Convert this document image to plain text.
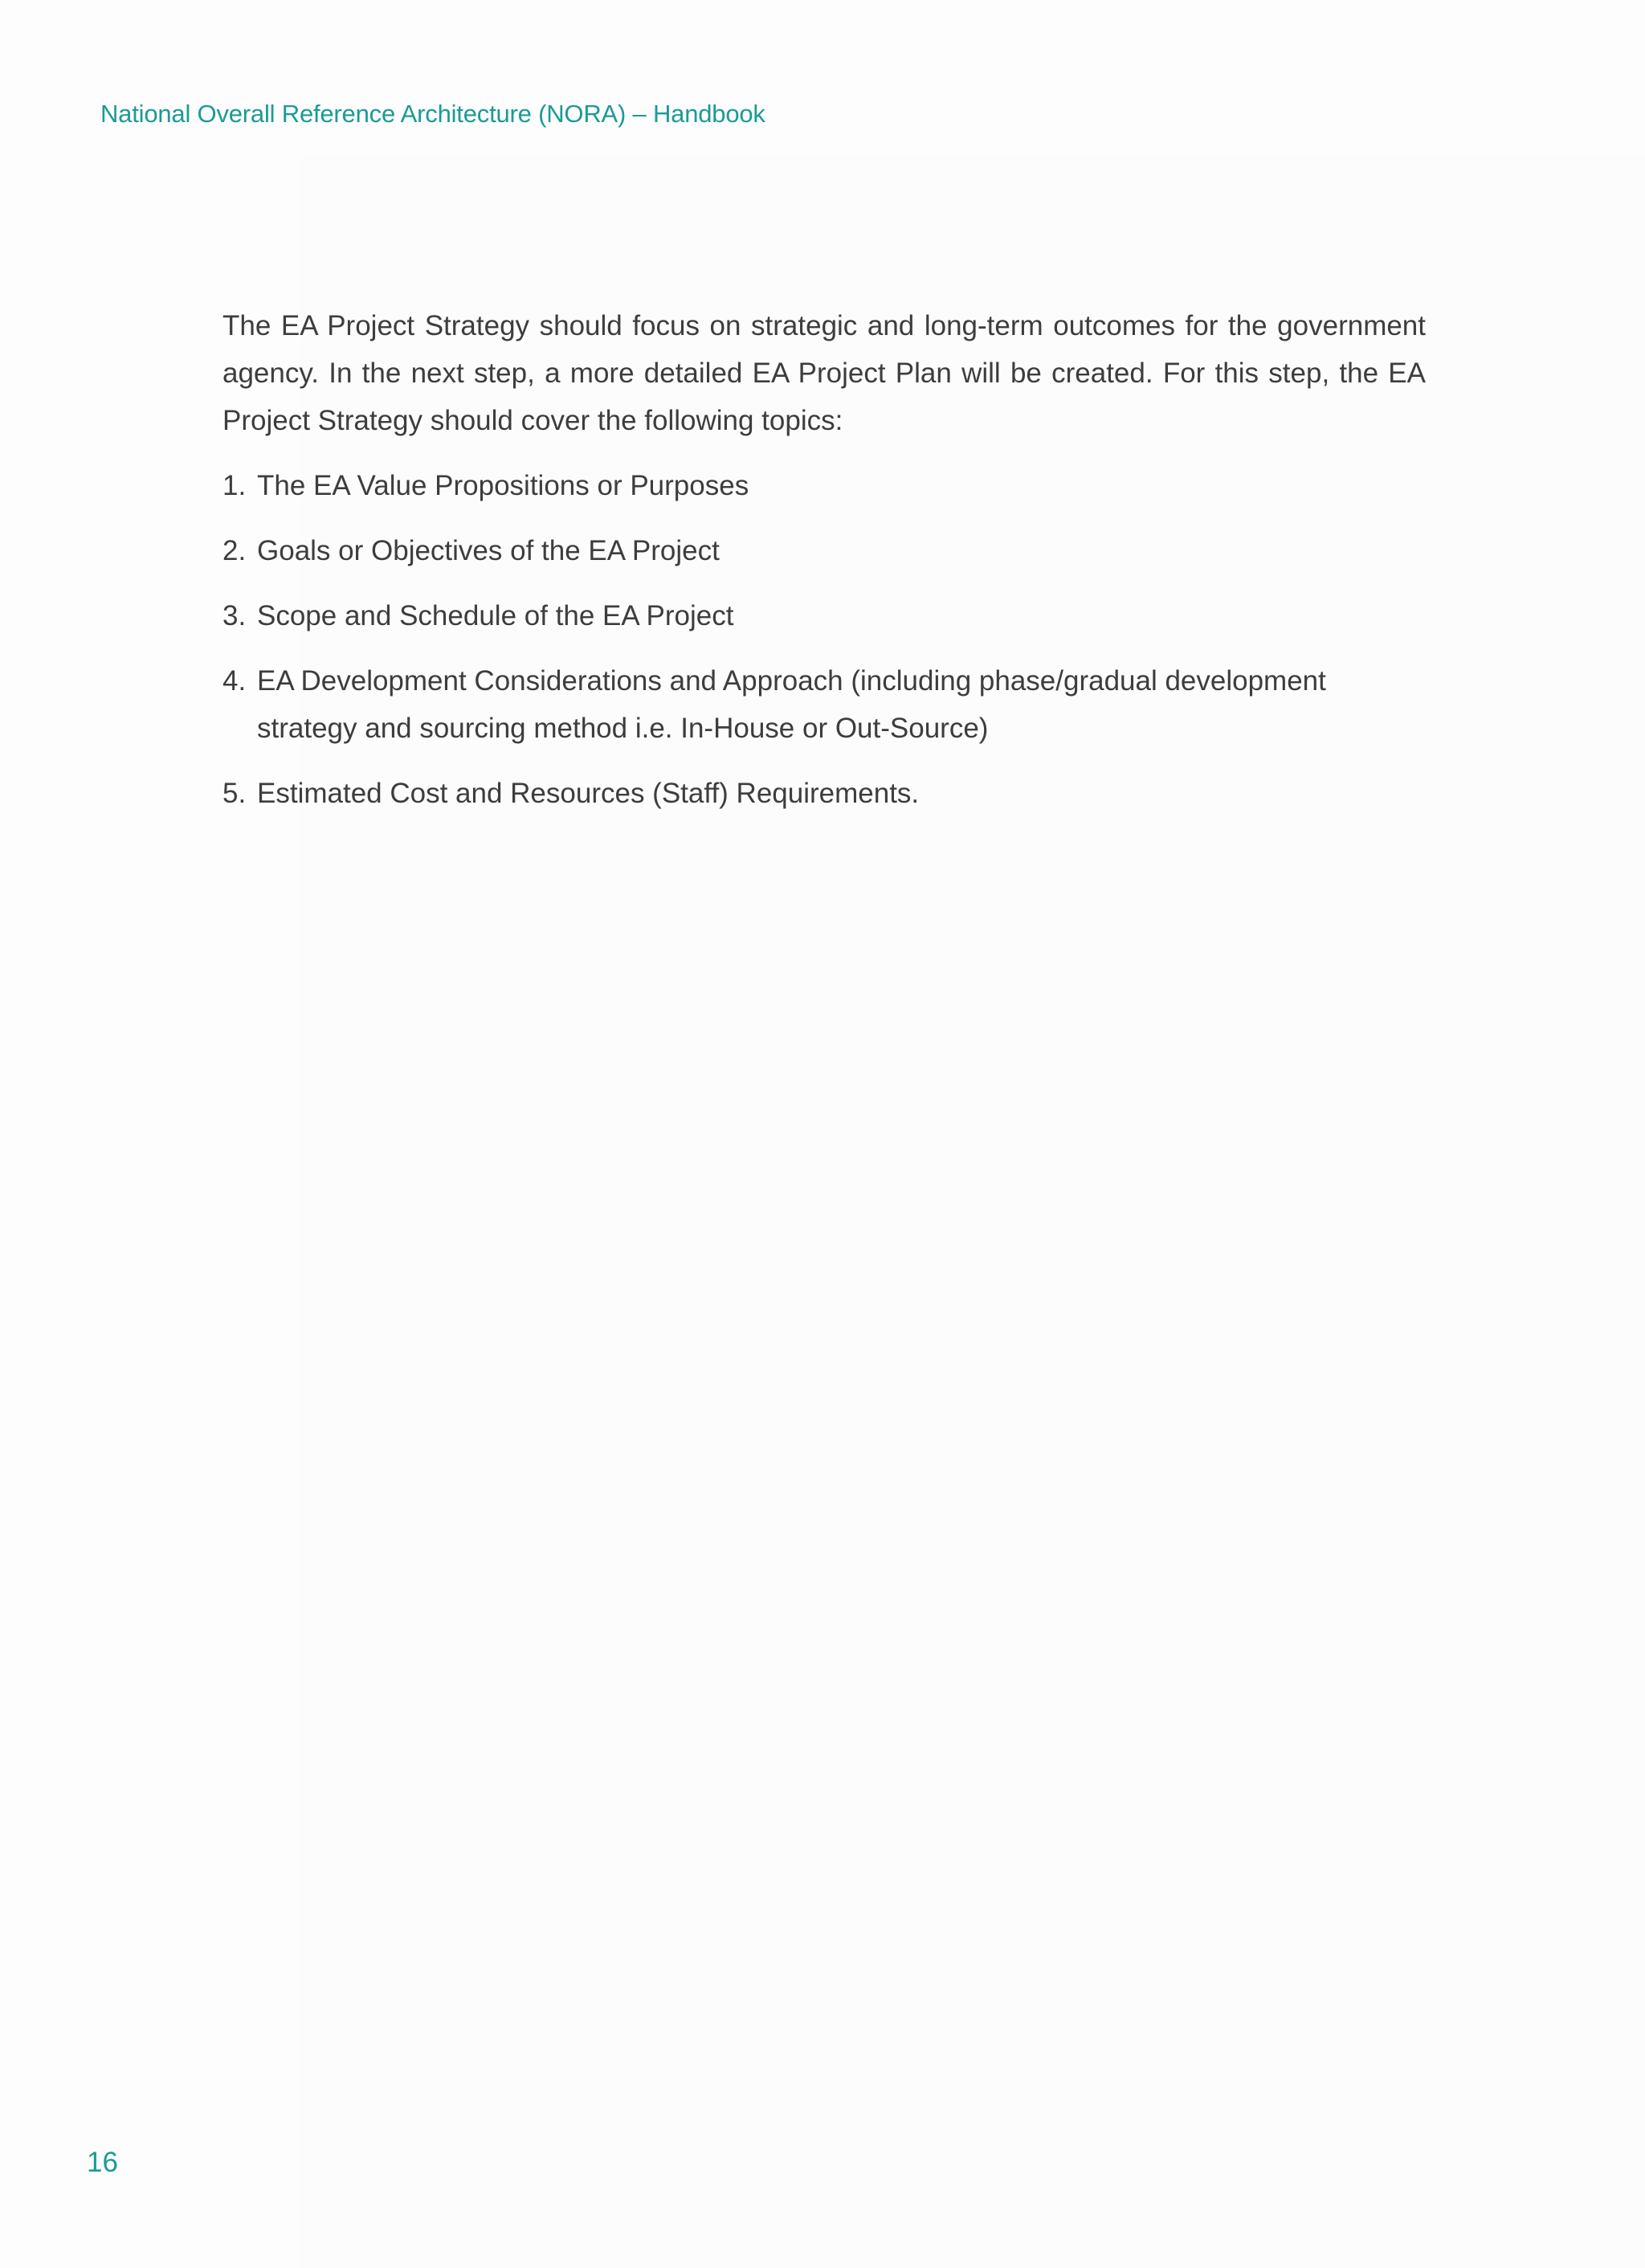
National Overall Reference Architecture (NORA) – Handbook

The EA Project Strategy should focus on strategic and long-term outcomes for the government agency. In the next step, a more detailed EA Project Plan will be created. For this step, the EA Project Strategy should cover the following topics:

1. The EA Value Propositions or Purposes
2. Goals or Objectives of the EA Project
3. Scope and Schedule of the EA Project
4. EA Development Considerations and Approach (including phase/gradual development strategy and sourcing method i.e. In-House or Out-Source)
5. Estimated Cost and Resources (Staff) Requirements.
16
